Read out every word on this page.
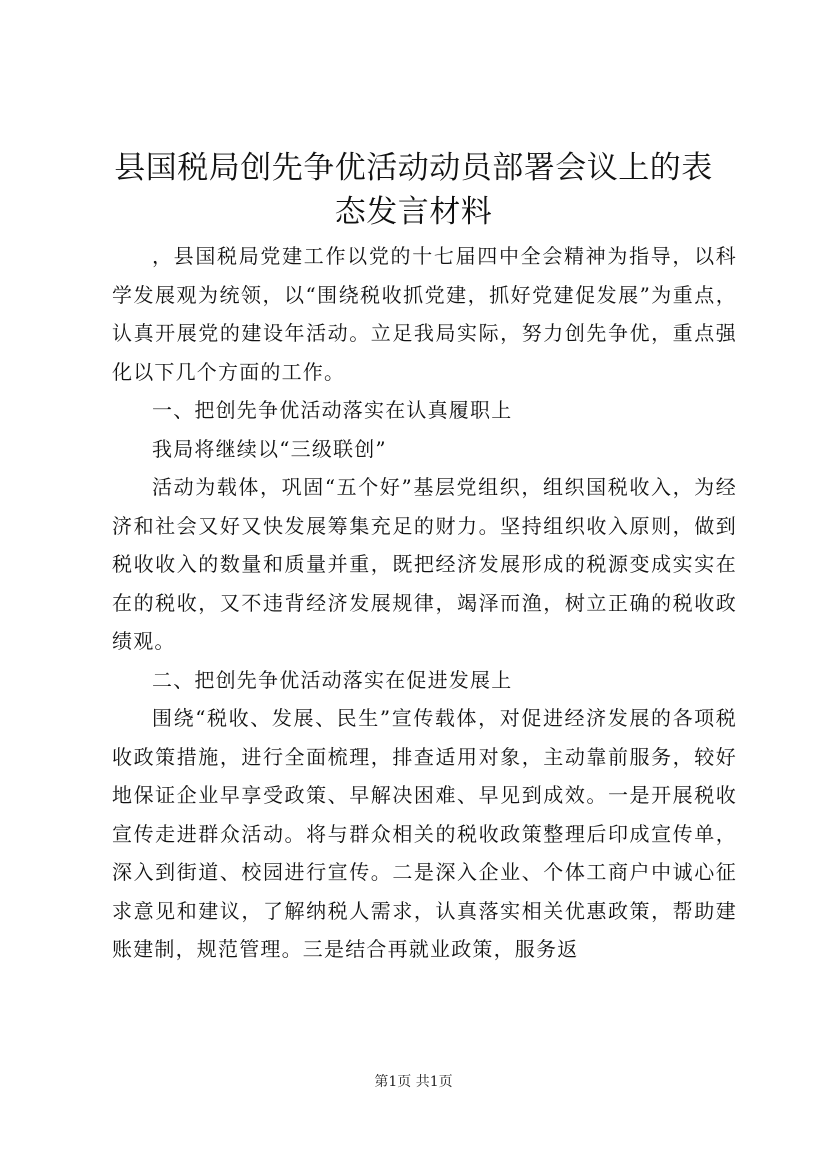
县国税局创先争优活动动员部署会议上的表态发言材料

，县国税局党建工作以党的十七届四中全会精神为指导，以科学发展观为统领，以“围绕税收抓党建，抓好党建促发展”为重点，认真开展党的建设年活动。立足我局实际，努力创先争优，重点强化以下几个方面的工作。

一、把创先争优活动落实在认真履职上

我局将继续以“三级联创”

活动为载体，巩固“五个好”基层党组织，组织国税收入，为经济和社会又好又快发展筹集充足的财力。坚持组织收入原则，做到税收收入的数量和质量并重，既把经济发展形成的税源变成实实在在的税收，又不违背经济发展规律，竭泽而渔，树立正确的税收政绩观。

二、把创先争优活动落实在促进发展上

围绕“税收、发展、民生”宣传载体，对促进经济发展的各项税收政策措施，进行全面梳理，排查适用对象，主动靠前服务，较好地保证企业早享受政策、早解决困难、早见到成效。一是开展税收宣传走进群众活动。将与群众相关的税收政策整理后印成宣传单，深入到街道、校园进行宣传。二是深入企业、个体工商户中诚心征求意见和建议，了解纳税人需求，认真落实相关优惠政策，帮助建账建制，规范管理。三是结合再就业政策，服务返

第1页 共1页
